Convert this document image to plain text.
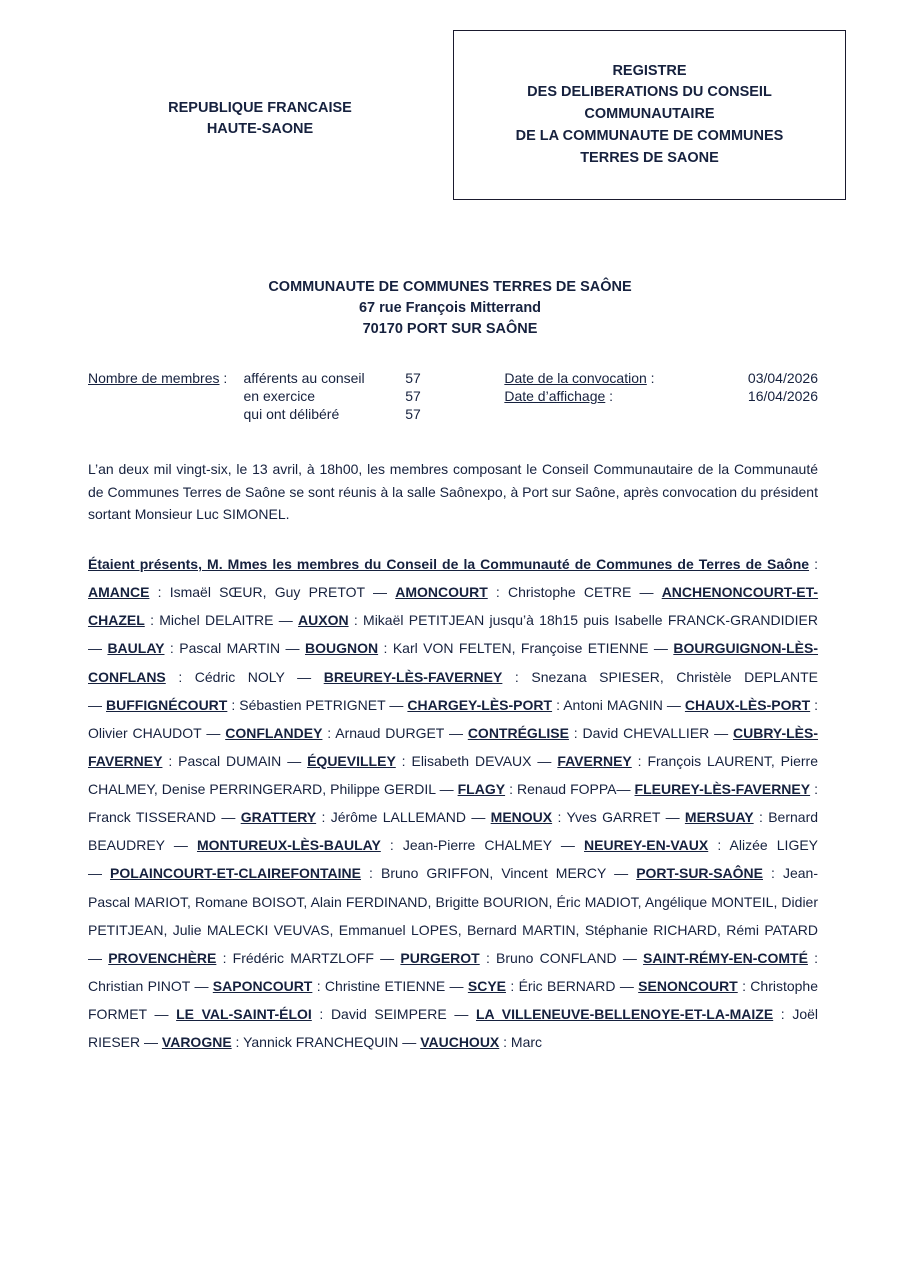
REPUBLIQUE FRANCAISE
HAUTE-SAONE
REGISTRE
DES DELIBERATIONS DU CONSEIL COMMUNAUTAIRE
DE LA COMMUNAUTE DE COMMUNES
TERRES DE SAONE
COMMUNAUTE DE COMMUNES TERRES DE SAÔNE
67 rue François Mitterrand
70170 PORT SUR SAÔNE
Nombre de membres :	afférents au conseil	57		Date de la convocation :	03/04/2026
	en exercice	57		Date d’affichage :	16/04/2026
	qui ont délibéré	57			
L’an deux mil vingt-six, le 13 avril, à 18h00, les membres composant le Conseil Communautaire de la Communauté de Communes Terres de Saône se sont réunis à la salle Saônexpo, à Port sur Saône, après convocation du président sortant Monsieur Luc SIMONEL.
Étaient présents, M. Mmes les membres du Conseil de la Communauté de Communes de Terres de Saône : AMANCE : Ismaël SŒUR, Guy PRETOT — AMONCOURT : Christophe CETRE — ANCHENONCOURT-ET-CHAZEL : Michel DELAITRE — AUXON : Mikaël PETITJEAN jusqu’à 18h15 puis Isabelle FRANCK-GRANDIDIER — BAULAY : Pascal MARTIN — BOUGNON : Karl VON FELTEN, Françoise ETIENNE — BOURGUIGNON-LÈS-CONFLANS : Cédric NOLY — BREUREY-LÈS-FAVERNEY : Snezana SPIESER, Christèle DEPLANTE — BUFFIGNÉCOURT : Sébastien PETRIGNET — CHARGEY-LÈS-PORT : Antoni MAGNIN — CHAUX-LÈS-PORT : Olivier CHAUDOT — CONFLANDEY : Arnaud DURGET — CONTRÉGLISE : David CHEVALLIER — CUBRY-LÈS-FAVERNEY : Pascal DUMAIN — ÉQUEVILLEY : Elisabeth DEVAUX — FAVERNEY : François LAURENT, Pierre CHALMEY, Denise PERRINGERARD, Philippe GERDIL — FLAGY : Renaud FOPPA— FLEUREY-LÈS-FAVERNEY : Franck TISSERAND — GRATTERY : Jérôme LALLEMAND — MENOUX : Yves GARRET — MERSUAY : Bernard BEAUDREY — MONTUREUX-LÈS-BAULAY : Jean-Pierre CHALMEY — NEUREY-EN-VAUX : Alizée LIGEY — POLAINCOURT-ET-CLAIREFONTAINE : Bruno GRIFFON, Vincent MERCY — PORT-SUR-SAÔNE : Jean-Pascal MARIOT, Romane BOISOT, Alain FERDINAND, Brigitte BOURION, Éric MADIOT, Angélique MONTEIL, Didier PETITJEAN, Julie MALECKI VEUVAS, Emmanuel LOPES, Bernard MARTIN, Stéphanie RICHARD, Rémi PATARD — PROVENCHÈRE : Frédéric MARTZLOFF — PURGEROT : Bruno CONFLAND — SAINT-RÉMY-EN-COMTÉ : Christian PINOT — SAPONCOURT : Christine ETIENNE — SCYE : Éric BERNARD — SENONCOURT : Christophe FORMET — LE VAL-SAINT-ÉLOI : David SEIMPERE — LA VILLENEUVE-BELLENOYE-ET-LA-MAIZE : Joël RIESER — VAROGNE : Yannick FRANCHEQUIN — VAUCHOUX : Marc
